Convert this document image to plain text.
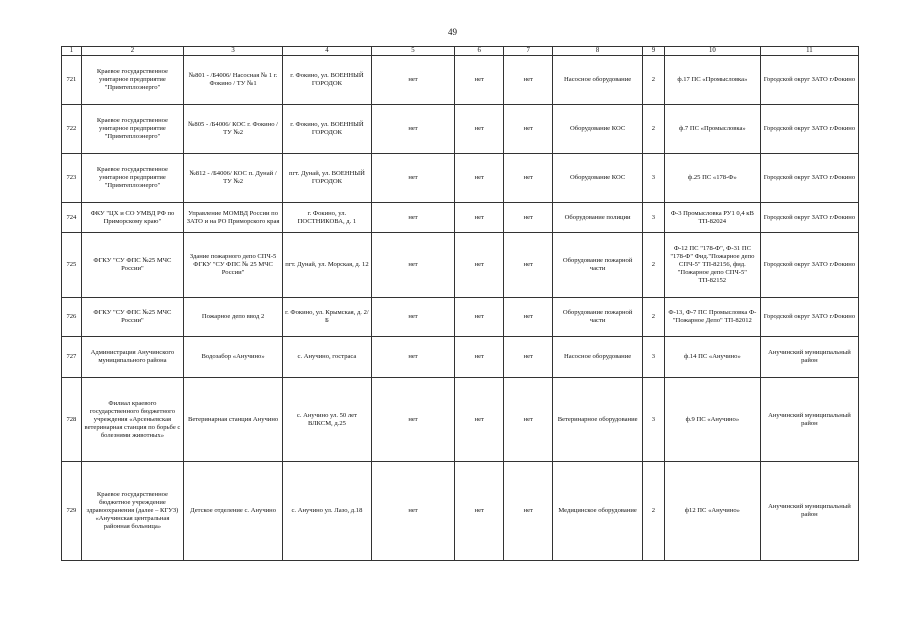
49
1	2	3	4	5	6	7	8	9	10	11
721	Краевое государственное унитарное предприятие "Примтеплоэнерго"	№801 - /Б4006/ Насосная № 1 г. Фокино / ТУ №1	г. Фокино, ул. ВОЕННЫЙ ГОРОДОК	нет	нет	нет	Насосное оборудование	2	ф.17 ПС «Промысловка»	Городской округ ЗАТО г.Фокино
722	Краевое государственное унитарное предприятие "Примтеплоэнерго"	№805 - /Б4006/ КОС г. Фокино / ТУ №2	г. Фокино, ул. ВОЕННЫЙ ГОРОДОК	нет	нет	нет	Оборудование КОС	2	ф.7 ПС «Промысловка»	Городской округ ЗАТО г.Фокино
723	Краевое государственное унитарное предприятие "Примтеплоэнерго"	№812 - /Б4006/ КОС п. Дунай / ТУ №2	пгт. Дунай, ул. ВОЕННЫЙ ГОРОДОК	нет	нет	нет	Оборудование КОС	3	ф.25 ПС «178-Ф»	Городской округ ЗАТО г.Фокино
724	ФКУ "ЦХ и СО УМВД РФ по Приморскому краю"	Управление МОМВД России по ЗАТО и на РО Приморского края	г. Фокино, ул. ПОСТНИКОВА, д. 1	нет	нет	нет	Оборудование полиции	3	Ф-3 Промысловка РУ1 0,4 кВ ТП-82024	Городской округ ЗАТО г.Фокино
725	ФГКУ "СУ ФПС №25 МЧС России"	Здание пожарного депо СПЧ-5 ФГКУ "СУ ФПС № 25 МЧС России"	пгт. Дунай, ул. Морская, д. 12	нет	нет	нет	Оборудование пожарной части	2	Ф-12 ПС "178-Ф", Ф-31 ПС "178-Ф" Фид."Пожарное депо СПЧ-5" ТП-82156, фид. "Пожарное депо СПЧ-5" ТП-82152	Городской округ ЗАТО г.Фокино
726	ФГКУ "СУ ФПС №25 МЧС России"	Пожарное депо ввод 2	г. Фокино, ул. Крымская, д. 2/Б	нет	нет	нет	Оборудование пожарной части	2	Ф-13, Ф-7 ПС Промысловка Ф-"Пожарное Депо" ТП-82012	Городской округ ЗАТО г.Фокино
727	Администрация Анучинского муниципального района	Водозабор «Анучино»	с. Анучино, гостраса	нет	нет	нет	Насосное оборудование	3	ф.14 ПС «Анучино»	Анучинский муниципальный район
728	Филиал краевого государственного бюджетного учреждения «Арсеньевская ветеринарная станция по борьбе с болезнями животных»	Ветеринарная станция Анучино	с. Анучино ул. 50 лет ВЛКСМ, д.25	нет	нет	нет	Ветеринарное оборудование	3	ф.9 ПС «Анучино»	Анучинский муниципальный район
729	Краевое государственное бюджетное учреждение здравоохранения (далее – КГУЗ) «Анучинская центральная районная больница»	Детское отделение с. Анучино	с. Анучино ул. Лазо, д.18	нет	нет	нет	Медицинское оборудование	2	ф12 ПС «Анучино»	Анучинский муниципальный район
